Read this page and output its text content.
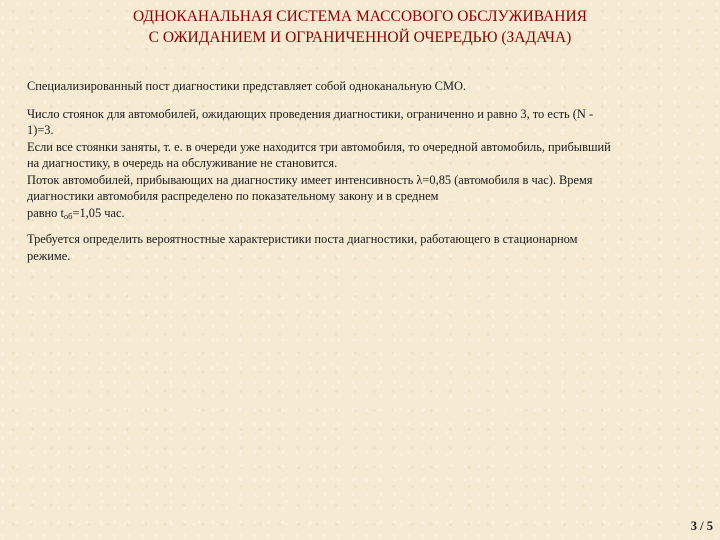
ОДНОКАНАЛЬНАЯ СИСТЕМА МАССОВОГО ОБСЛУЖИВАНИЯ
С ОЖИДАНИЕМ И ОГРАНИЧЕННОЙ ОЧЕРЕДЬЮ (ЗАДАЧА)

Специализированный пост диагностики представляет собой одноканальную СМО.

Число стоянок для автомобилей, ожидающих проведения диагностики, ограниченно и равно 3, то есть (N -

1)=3.

Если все стоянки заняты, т. е. в очереди уже находится три автомобиля, то очередной автомобиль, прибывший

на диагностику, в очередь на обслуживание не становится.

Поток автомобилей, прибывающих на диагностику имеет интенсивность λ=0,85 (автомобиля в час). Время

диагностики автомобиля распределено по показательному закону и в среднем

равно tоб=1,05 час.

Требуется определить вероятностные характеристики поста диагностики, работающего в стационарном

режиме.

3 / 5
